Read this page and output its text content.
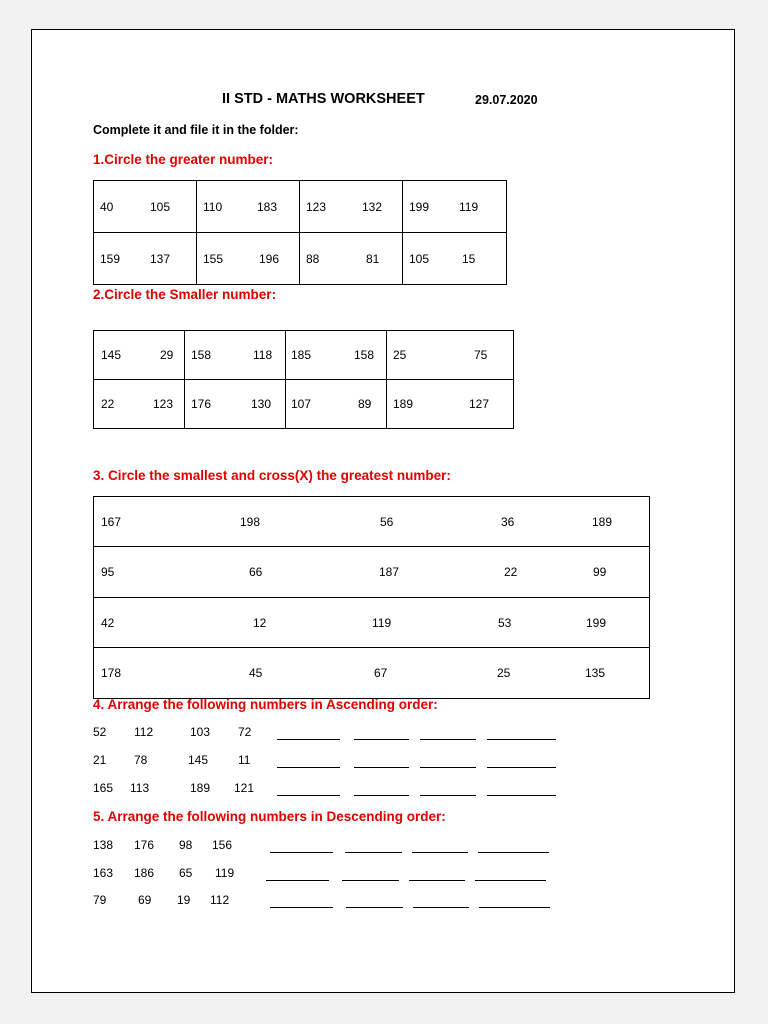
II STD - MATHS WORKSHEET	29.07.2020
Complete it and file it in the folder:
1.Circle the greater number:
40 105	110 183	123 132	199 119

159 137	155 196	88 81	105 15
2.Circle the Smaller number:
145 29	158 118	185 158	25 75

22 123	176 130	107 89	189 127
3. Circle the smallest and cross(X) the greatest number:
167	198	56	36	189

95	66	187	22	99

42	12	119	53	199

178	45	67	25	135
4. Arrange the following numbers in Ascending order:
52 112	103 72
21 78	145 11
165 113	189 121
5. Arrange the following numbers in Descending order:
138 176 98 156
163 186 65 119
79	69 19 112
